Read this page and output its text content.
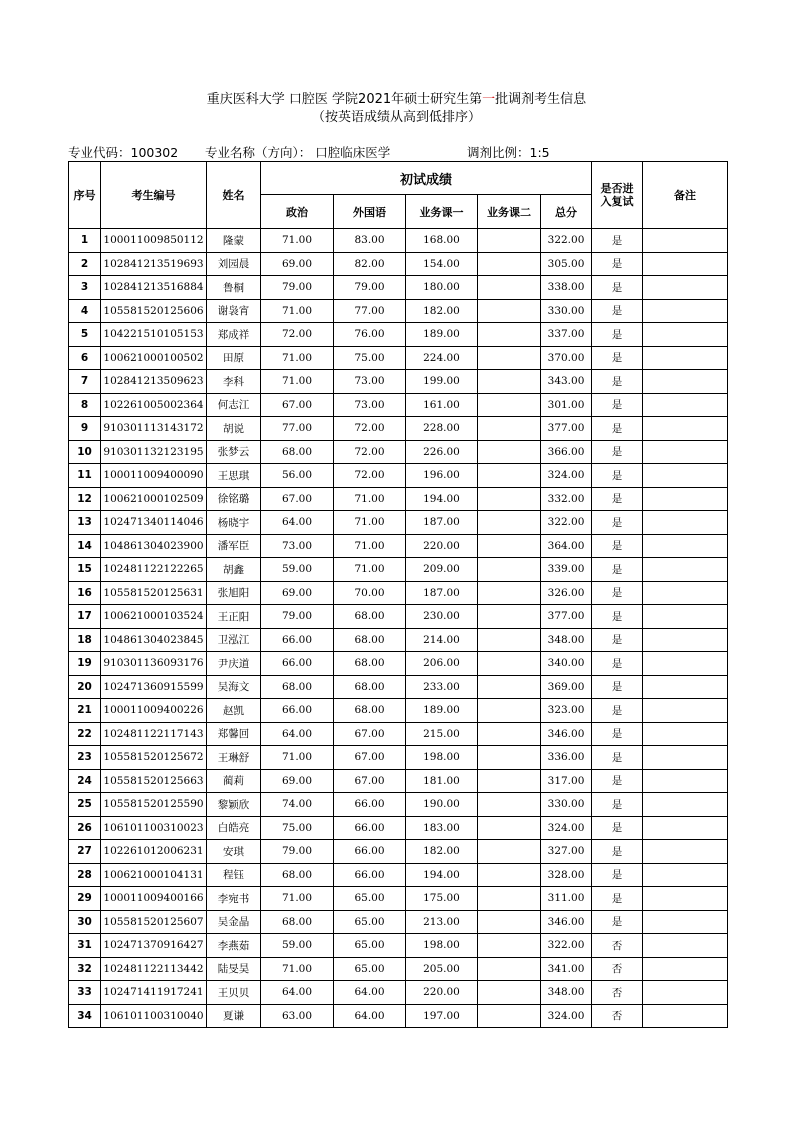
重庆医科大学 口腔医 学院2021年硕士研究生第一批调剂考生信息
（按英语成绩从高到低排序）
专业代码：100302 专业名称（方向）： 口腔临床医学	调剂比例：1:5
序号	考生编号	姓名	初试成绩					是否进入复试	备注
			政治	外国语	业务课一	业务课二	总分		
1	100011009850112	隆蒙	71.00	83.00	168.00		322.00	是	
2	102841213519693	刘园晨	69.00	82.00	154.00		305.00	是	
3	102841213516884	鲁桐	79.00	79.00	180.00		338.00	是	
4	105581520125606	谢袅宵	71.00	77.00	182.00		330.00	是	
5	104221510105153	郑成祥	72.00	76.00	189.00		337.00	是	
6	100621000100502	田原	71.00	75.00	224.00		370.00	是	
7	102841213509623	李科	71.00	73.00	199.00		343.00	是	
8	102261005002364	何志江	67.00	73.00	161.00		301.00	是	
9	910301113143172	胡说	77.00	72.00	228.00		377.00	是	
10	910301132123195	张梦云	68.00	72.00	226.00		366.00	是	
11	100011009400090	王思琪	56.00	72.00	196.00		324.00	是	
12	100621000102509	徐铭璐	67.00	71.00	194.00		332.00	是	
13	102471340114046	杨晓宇	64.00	71.00	187.00		322.00	是	
14	104861304023900	潘军臣	73.00	71.00	220.00		364.00	是	
15	102481122122265	胡鑫	59.00	71.00	209.00		339.00	是	
16	105581520125631	张旭阳	69.00	70.00	187.00		326.00	是	
17	100621000103524	王正阳	79.00	68.00	230.00		377.00	是	
18	104861304023845	卫泓江	66.00	68.00	214.00		348.00	是	
19	910301136093176	尹庆道	66.00	68.00	206.00		340.00	是	
20	102471360915599	吴海文	68.00	68.00	233.00		369.00	是	
21	100011009400226	赵凯	66.00	68.00	189.00		323.00	是	
22	102481122117143	郑馨回	64.00	67.00	215.00		346.00	是	
23	105581520125672	王琳舒	71.00	67.00	198.00		336.00	是	
24	105581520125663	蔺莉	69.00	67.00	181.00		317.00	是	
25	105581520125590	黎颖欣	74.00	66.00	190.00		330.00	是	
26	106101100310023	白皓亮	75.00	66.00	183.00		324.00	是	
27	102261012006231	安琪	79.00	66.00	182.00		327.00	是	
28	100621000104131	程钰	68.00	66.00	194.00		328.00	是	
29	100011009400166	李宛书	71.00	65.00	175.00		311.00	是	
30	105581520125607	吴金晶	68.00	65.00	213.00		346.00	是	
31	102471370916427	李燕茹	59.00	65.00	198.00		322.00	否	
32	102481122113442	陆旻昊	71.00	65.00	205.00		341.00	否	
33	102471411917241	王贝贝	64.00	64.00	220.00		348.00	否	
34	106101100310040	夏谦	63.00	64.00	197.00		324.00	否	
